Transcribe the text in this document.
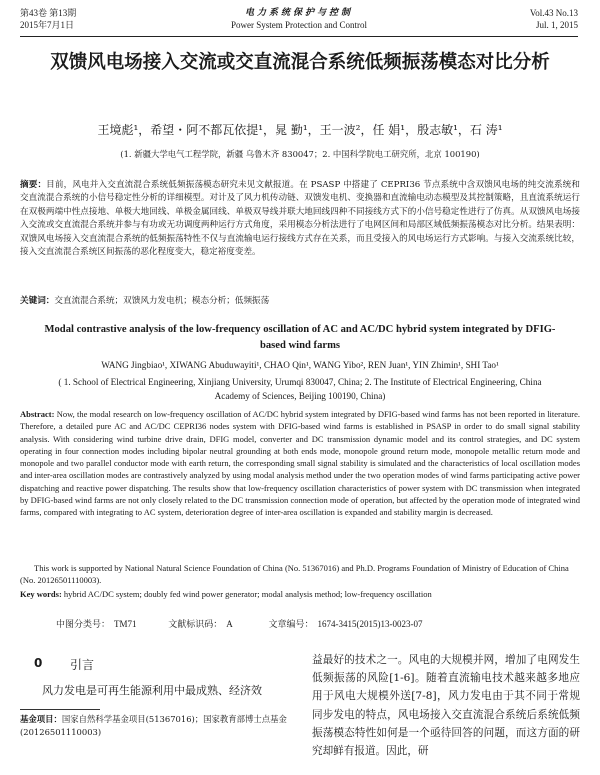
第43卷 第13期
2015年7月1日
电力系统保护与控制
Power System Protection and Control
Vol.43 No.13
Jul. 1, 2015
双馈风电场接入交流或交直流混合系统低频振荡模态对比分析
王境彪¹，希望・阿不都瓦依提¹，晁 勤¹，王一波²，任 娟¹，殷志敏¹，石 涛¹
(1. 新疆大学电气工程学院，新疆 乌鲁木齐 830047；2. 中国科学院电工研究所，北京 100190)
摘要：目前，风电并入交直流混合系统低频振荡模态研究未见文献报道。在 PSASP 中搭建了 CEPRI36 节点系统中含双馈风电场的纯交流系统和交直流混合系统的小信号稳定性分析的详细模型。对计及了风力机传动链、双馈发电机、变换器和直流输电动态模型及其控制策略，且直流系统运行在双极两端中性点接地、单极大地回线、单极金属回线、单极双导线并联大地回线四种不同接线方式下的小信号稳定性进行了仿真。从双馈风电场接入交流或交直流混合系统并参与有功或无功调度两种运行方式角度，采用模态分析法进行了电网区间和局部区域低频振荡模态对比分析。结果表明：双馈风电场接入交直流混合系统的低频振荡特性不仅与直流输电运行接线方式存在关系，而且受接入的风电场运行方式影响。与接入交流系统比较，接入交直流混合系统区间振荡的恶化程度变大，稳定裕度变差。
关键词：交直流混合系统；双馈风力发电机；模态分析；低频振荡
Modal contrastive analysis of the low-frequency oscillation of AC and AC/DC hybrid system integrated by DFIG-based wind farms
WANG Jingbiao¹, XIWANG Abuduwayiti¹, CHAO Qin¹, WANG Yibo², REN Juan¹, YIN Zhimin¹, SHI Tao¹
( 1. School of Electrical Engineering, Xinjiang University, Urumqi 830047, China; 2. The Institute of Electrical Engineering, China Academy of Sciences, Beijing 100190, China)
Abstract: Now, the modal research on low-frequency oscillation of AC/DC hybrid system integrated by DFIG-based wind farms has not been reported in literature. Therefore, a detailed pure AC and AC/DC CEPRI36 nodes system with DFIG-based wind farms is established in PSASP in order to do small signal stability analysis. With considering wind turbine drive drain, DFIG model, converter and DC transmission dynamic model and its control strategies, and DC system operating in four connection modes including bipolar neutral grounding at both ends mode, monopole ground return mode, monopole metallic return mode and monopole and two parallel conductor mode with earth return, the corresponding small signal stability is simulated and the characteristics of local oscillation modes and inter-area oscillation modes are contrastively analyzed by using modal analysis method under the two operation modes of wind farms participating active power dispatching and reactive power dispatching. The results show that low-frequency oscillation characteristics of power system with DC transmission when integrated by DFIG-based wind farms are not only closely related to the DC transmission connection mode of operation, but affected by the operation mode of integrated wind farms, compared with integrating to AC system, deterioration degree of inter-area oscillation is expanded and stability margin is decreased.
This work is supported by National Natural Science Foundation of China (No. 51367016) and Ph.D. Programs Foundation of Ministry of Education of China (No. 20126501110003).
Key words: hybrid AC/DC system; doubly fed wind power generator; modal analysis method; low-frequency oscillation
中图分类号： TM71	文献标识码： A	文章编号： 1674-3415(2015)13-0023-07
0 引言
风力发电是可再生能源利用中最成熟、经济效
基金项目：国家自然科学基金项目(51367016)；国家教育部博士点基金(20126501110003)
益最好的技术之一。风电的大规模并网，增加了电网发生低频振荡的风险[1-6]。随着直流输电技术越来越多地应用于风电大规模外送[7-8]，风力发电由于其不同于常规同步发电的特点，风电场接入交直流混合系统后系统低频振荡模态特性如何是一个亟待回答的问题，而这方面的研究却鲜有报道。因此，研
